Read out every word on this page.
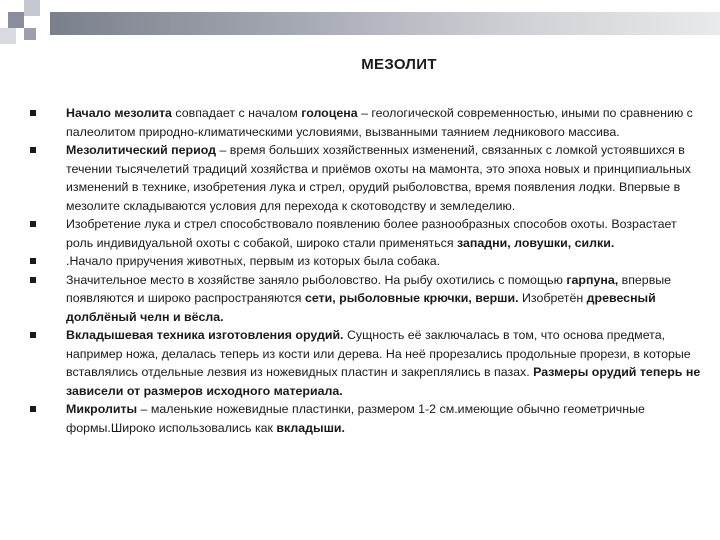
МЕЗОЛИТ
Начало мезолита совпадает с началом голоцена – геологической современностью, иными по сравнению с палеолитом природно-климатическими условиями, вызванными таянием ледникового массива.
Мезолитический период – время больших хозяйственных изменений, связанных с ломкой устоявшихся в течении тысячелетий традиций хозяйства и приёмов охоты на мамонта, это эпоха новых и принципиальных изменений в технике, изобретения лука и стрел, орудий рыболовства, время появления лодки. Впервые в мезолите складываются условия для перехода к скотоводству и земледелию.
Изобретение лука и стрел способствовало появлению более разнообразных способов охоты. Возрастает роль индивидуальной охоты с собакой, широко стали применяться западни, ловушки, силки.
.Начало приручения животных, первым из которых была собака.
Значительное место в хозяйстве заняло рыболовство. На рыбу охотились с помощью гарпуна, впервые появляются и широко распространяются сети, рыболовные крючки, верши. Изобретён древесный долблёный челн и вёсла.
Вкладышевая техника изготовления орудий. Сущность её заключалась в том, что основа предмета, например ножа, делалась теперь из кости или дерева. На неё прорезались продольные прорези, в которые вставлялись отдельные лезвия из ножевидных пластин и закреплялись в пазах. Размеры орудий теперь не зависели от размеров исходного материала.
Микролиты – маленькие ножевидные пластинки, размером 1-2 см.имеющие обычно геометричные формы.Широко использовались как вкладыши.
